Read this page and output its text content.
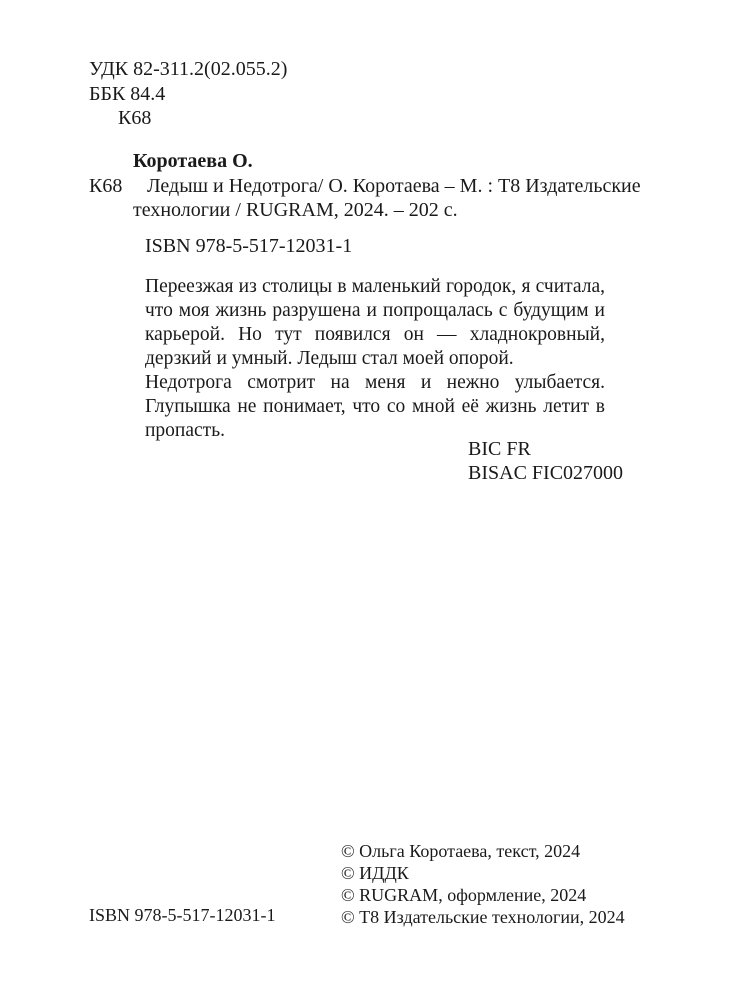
УДК 82-311.2(02.055.2)
ББК 84.4
К68
Коротаева О.
К68 Ледыш и Недотрога/ О. Коротаева – М. : Т8 Издательские
технологии / RUGRAM, 2024. – 202 с.
ISBN 978-5-517-12031-1

Переезжая из столицы в маленький городок, я считала, что моя жизнь разрушена и попрощалась с будущим и карьерой. Но тут появился он — хладнокровный, дерзкий и умный. Ледыш стал моей опорой.

Недотрога смотрит на меня и нежно улыбается. Глупышка не понимает, что со мной её жизнь летит в пропасть.

BIC FR
BISAC FIC027000
© Ольга Коротаева, текст, 2024
© ИДДК
© RUGRAM, оформление, 2024
© Т8 Издательские технологии, 2024
ISBN 978-5-517-12031-1
